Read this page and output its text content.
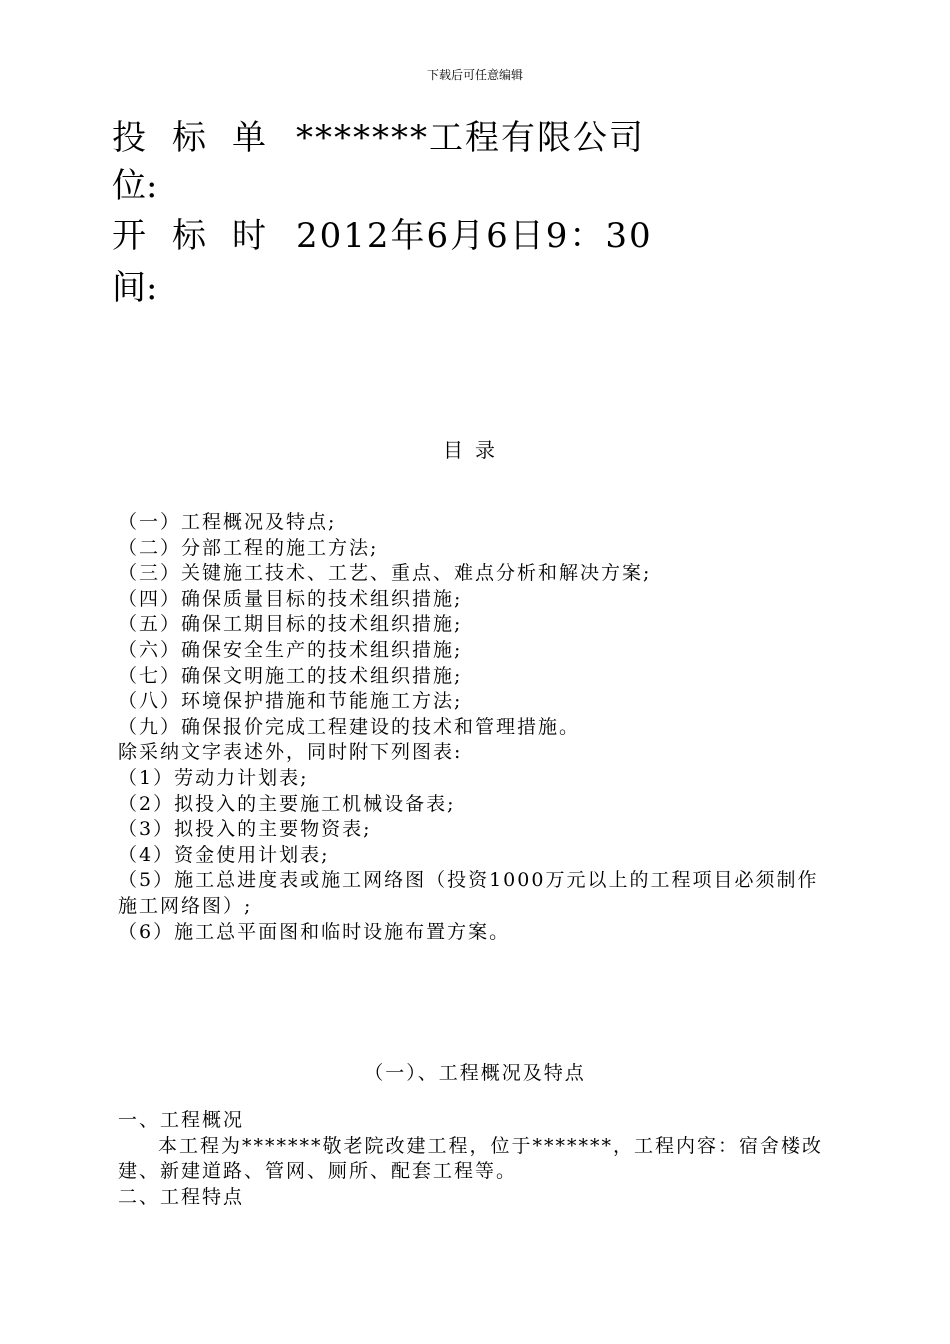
下载后可任意编辑
投标单 *******工程有限公司
位:
开标时 2012年6月6日9：30
间:
目录
（一）工程概况及特点;
（二）分部工程的施工方法;
（三）关键施工技术、工艺、重点、难点分析和解决方案;
（四）确保质量目标的技术组织措施;
（五）确保工期目标的技术组织措施;
（六）确保安全生产的技术组织措施;
（七）确保文明施工的技术组织措施;
（八）环境保护措施和节能施工方法;
（九）确保报价完成工程建设的技术和管理措施。
除采纳文字表述外，同时附下列图表:
（1）劳动力计划表;
（2）拟投入的主要施工机械设备表;
（3）拟投入的主要物资表;
（4）资金使用计划表;
（5）施工总进度表或施工网络图（投资1000万元以上的工程项目必须制作施工网络图）;
（6）施工总平面图和临时设施布置方案。
（一）、工程概况及特点

一、工程概况

本工程为*******敬老院改建工程，位于*******，工程内容：宿舍楼改建、新建道路、管网、厕所、配套工程等。

二、工程特点
